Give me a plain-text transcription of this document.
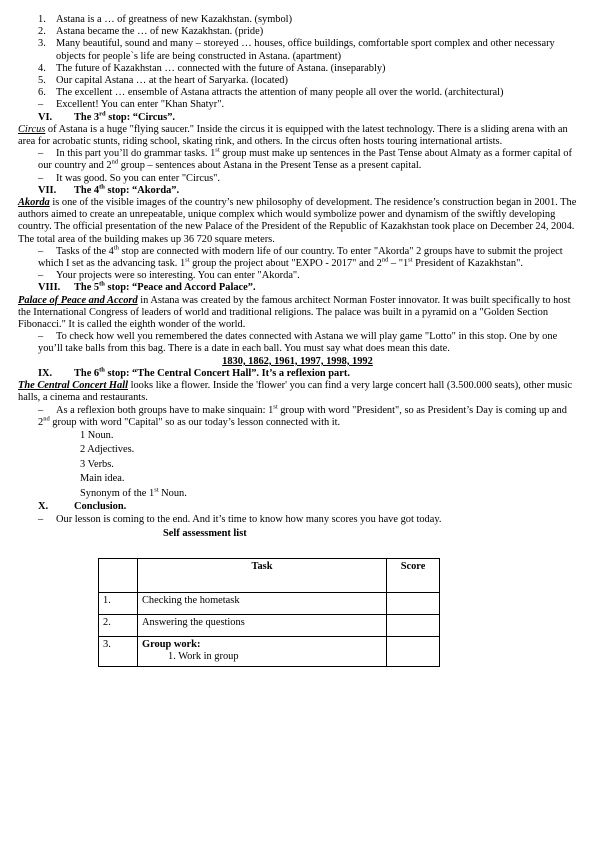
1. Astana is a … of greatness of new Kazakhstan. (symbol)
2. Astana became the … of new Kazakhstan. (pride)
3. Many beautiful, sound and many – storeyed … houses, office buildings, comfortable sport complex and other necessary objects for people`s life are being constructed in Astana. (apartment)
4. The future of Kazakhstan … connected with the future of Astana. (inseparably)
5. Our capital Astana … at the heart of Saryarka. (located)
6. The excellent … ensemble of Astana attracts the attention of many people all over the world. (architectural)
–	Excellent! You can enter "Khan Shatyr".
VI.	The 3rd stop: “Circus”.

Circus of Astana is a huge "flying saucer." Inside the circus it is equipped with the latest technology. There is a sliding arena with an area for acrobatic stunts, riding school, skating rink, and others. In the circus often hosts touring international artists.

– In this part you’ll do grammar tasks. 1st group must make up sentences in the Past Tense about Almaty as a former capital of our country and 2nd group – sentences about Astana in the Present Tense as a present capital.

–	It was good. So you can enter "Circus".
VII.	The 4th stop: “Akorda”.

Akorda is one of the visible images of the country’s new philosophy of development. The residence’s construction began in 2001. The authors aimed to create an unrepeatable, unique complex which would symbolize power and dynamism of the swiftly developing country. The official presentation of the new Palace of the President of the Republic of Kazakhstan took place on December 24, 2004. The total area of the building makes up 36 720 square meters.

– Tasks of the 4th stop are connected with modern life of our country. To enter "Akorda" 2 groups have to submit the project which I set as the advancing task. 1st group the project about "EXPO - 2017" and 2nd – "1st President of Kazakhstan".

–	Your projects were so interesting. You can enter "Akorda".
VIII.	The 5th stop: “Peace and Accord Palace”.

Palace of Peace and Accord in Astana was created by the famous architect Norman Foster innovator. It was built specifically to host the International Congress of leaders of world and traditional religions. The palace was built in a pyramid on a "Golden Section Fibonacci." It is called the eighth wonder of the world.

– To check how well you remembered the dates connected with Astana we will play game "Lotto" in this stop. One by one you’ll take balls from this bag. There is a date in each ball. You must say what does mean this date.

1830, 1862, 1961, 1997, 1998, 1992
IX.	The 6th stop: “The Central Concert Hall”. It’s a reflexion part.

The Central Concert Hall looks like a flower. Inside the 'flower' you can find a very large concert hall (3.500.000 seats), other music halls, a cinema and restaurants.

– As a reflexion both groups have to make sinquain: 1st group with word "President", so as President’s Day is coming up and 2nd group with word "Capital" so as our today’s lesson connected with it.

1 Noun.
2 Adjectives.
3 Verbs.
Main idea.
Synonym of the 1st Noun.
X.	Conclusion.
–	Our lesson is coming to the end. And it’s time to know how many scores you have got today.
Self assessment list
	Task	Score
1.	Checking the hometask	
2.	Answering the questions	
3.	Group work:
1. Work in group	
